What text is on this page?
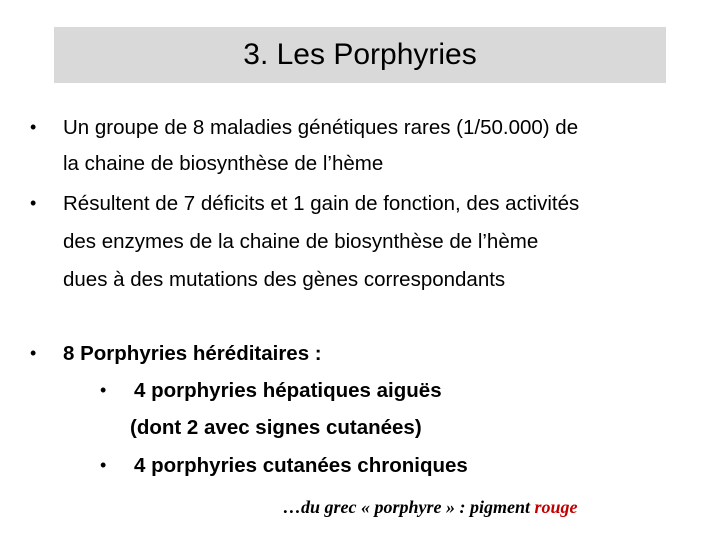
3. Les Porphyries
• Un groupe de 8 maladies génétiques rares (1/50.000) de
la chaine de biosynthèse de l’hème
• Résultent de 7 déficits et 1 gain de fonction, des activités
des enzymes de la chaine de biosynthèse de l’hème
dues à des mutations des gènes correspondants
• 8 Porphyries héréditaires :
• 4 porphyries hépatiques aiguës
(dont 2 avec signes cutanées)
• 4 porphyries cutanées chroniques
…du grec « porphyre » : pigment rouge
